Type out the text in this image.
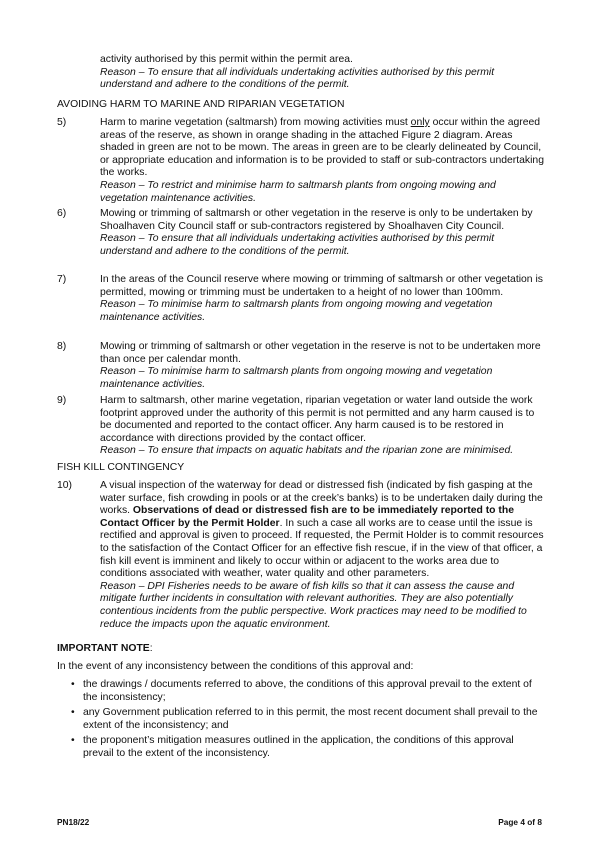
activity authorised by this permit within the permit area.
Reason – To ensure that all individuals undertaking activities authorised by this permit understand and adhere to the conditions of the permit.
AVOIDING HARM TO MARINE AND RIPARIAN VEGETATION
5)	Harm to marine vegetation (saltmarsh) from mowing activities must only occur within the agreed areas of the reserve, as shown in orange shading in the attached Figure 2 diagram. Areas shaded in green are not to be mown. The areas in green are to be clearly delineated by Council, or appropriate education and information is to be provided to staff or sub-contractors undertaking the works.
Reason – To restrict and minimise harm to saltmarsh plants from ongoing mowing and vegetation maintenance activities.
6)	Mowing or trimming of saltmarsh or other vegetation in the reserve is only to be undertaken by Shoalhaven City Council staff or sub-contractors registered by Shoalhaven City Council.
Reason – To ensure that all individuals undertaking activities authorised by this permit understand and adhere to the conditions of the permit.
7)	In the areas of the Council reserve where mowing or trimming of saltmarsh or other vegetation is permitted, mowing or trimming must be undertaken to a height of no lower than 100mm.
Reason – To minimise harm to saltmarsh plants from ongoing mowing and vegetation maintenance activities.
8)	Mowing or trimming of saltmarsh or other vegetation in the reserve is not to be undertaken more than once per calendar month.
Reason – To minimise harm to saltmarsh plants from ongoing mowing and vegetation maintenance activities.
9)	Harm to saltmarsh, other marine vegetation, riparian vegetation or water land outside the work footprint approved under the authority of this permit is not permitted and any harm caused is to be documented and reported to the contact officer. Any harm caused is to be restored in accordance with directions provided by the contact officer.
Reason – To ensure that impacts on aquatic habitats and the riparian zone are minimised.
FISH KILL CONTINGENCY
10)	A visual inspection of the waterway for dead or distressed fish (indicated by fish gasping at the water surface, fish crowding in pools or at the creek’s banks) is to be undertaken daily during the works. Observations of dead or distressed fish are to be immediately reported to the Contact Officer by the Permit Holder. In such a case all works are to cease until the issue is rectified and approval is given to proceed. If requested, the Permit Holder is to commit resources to the satisfaction of the Contact Officer for an effective fish rescue, if in the view of that officer, a fish kill event is imminent and likely to occur within or adjacent to the works area due to conditions associated with weather, water quality and other parameters.
Reason – DPI Fisheries needs to be aware of fish kills so that it can assess the cause and mitigate further incidents in consultation with relevant authorities. They are also potentially contentious incidents from the public perspective. Work practices may need to be modified to reduce the impacts upon the aquatic environment.
IMPORTANT NOTE:
In the event of any inconsistency between the conditions of this approval and:
• the drawings / documents referred to above, the conditions of this approval prevail to the extent of the inconsistency;
• any Government publication referred to in this permit, the most recent document shall prevail to the extent of the inconsistency; and
• the proponent’s mitigation measures outlined in the application, the conditions of this approval prevail to the extent of the inconsistency.
PN18/22	Page 4 of 8
